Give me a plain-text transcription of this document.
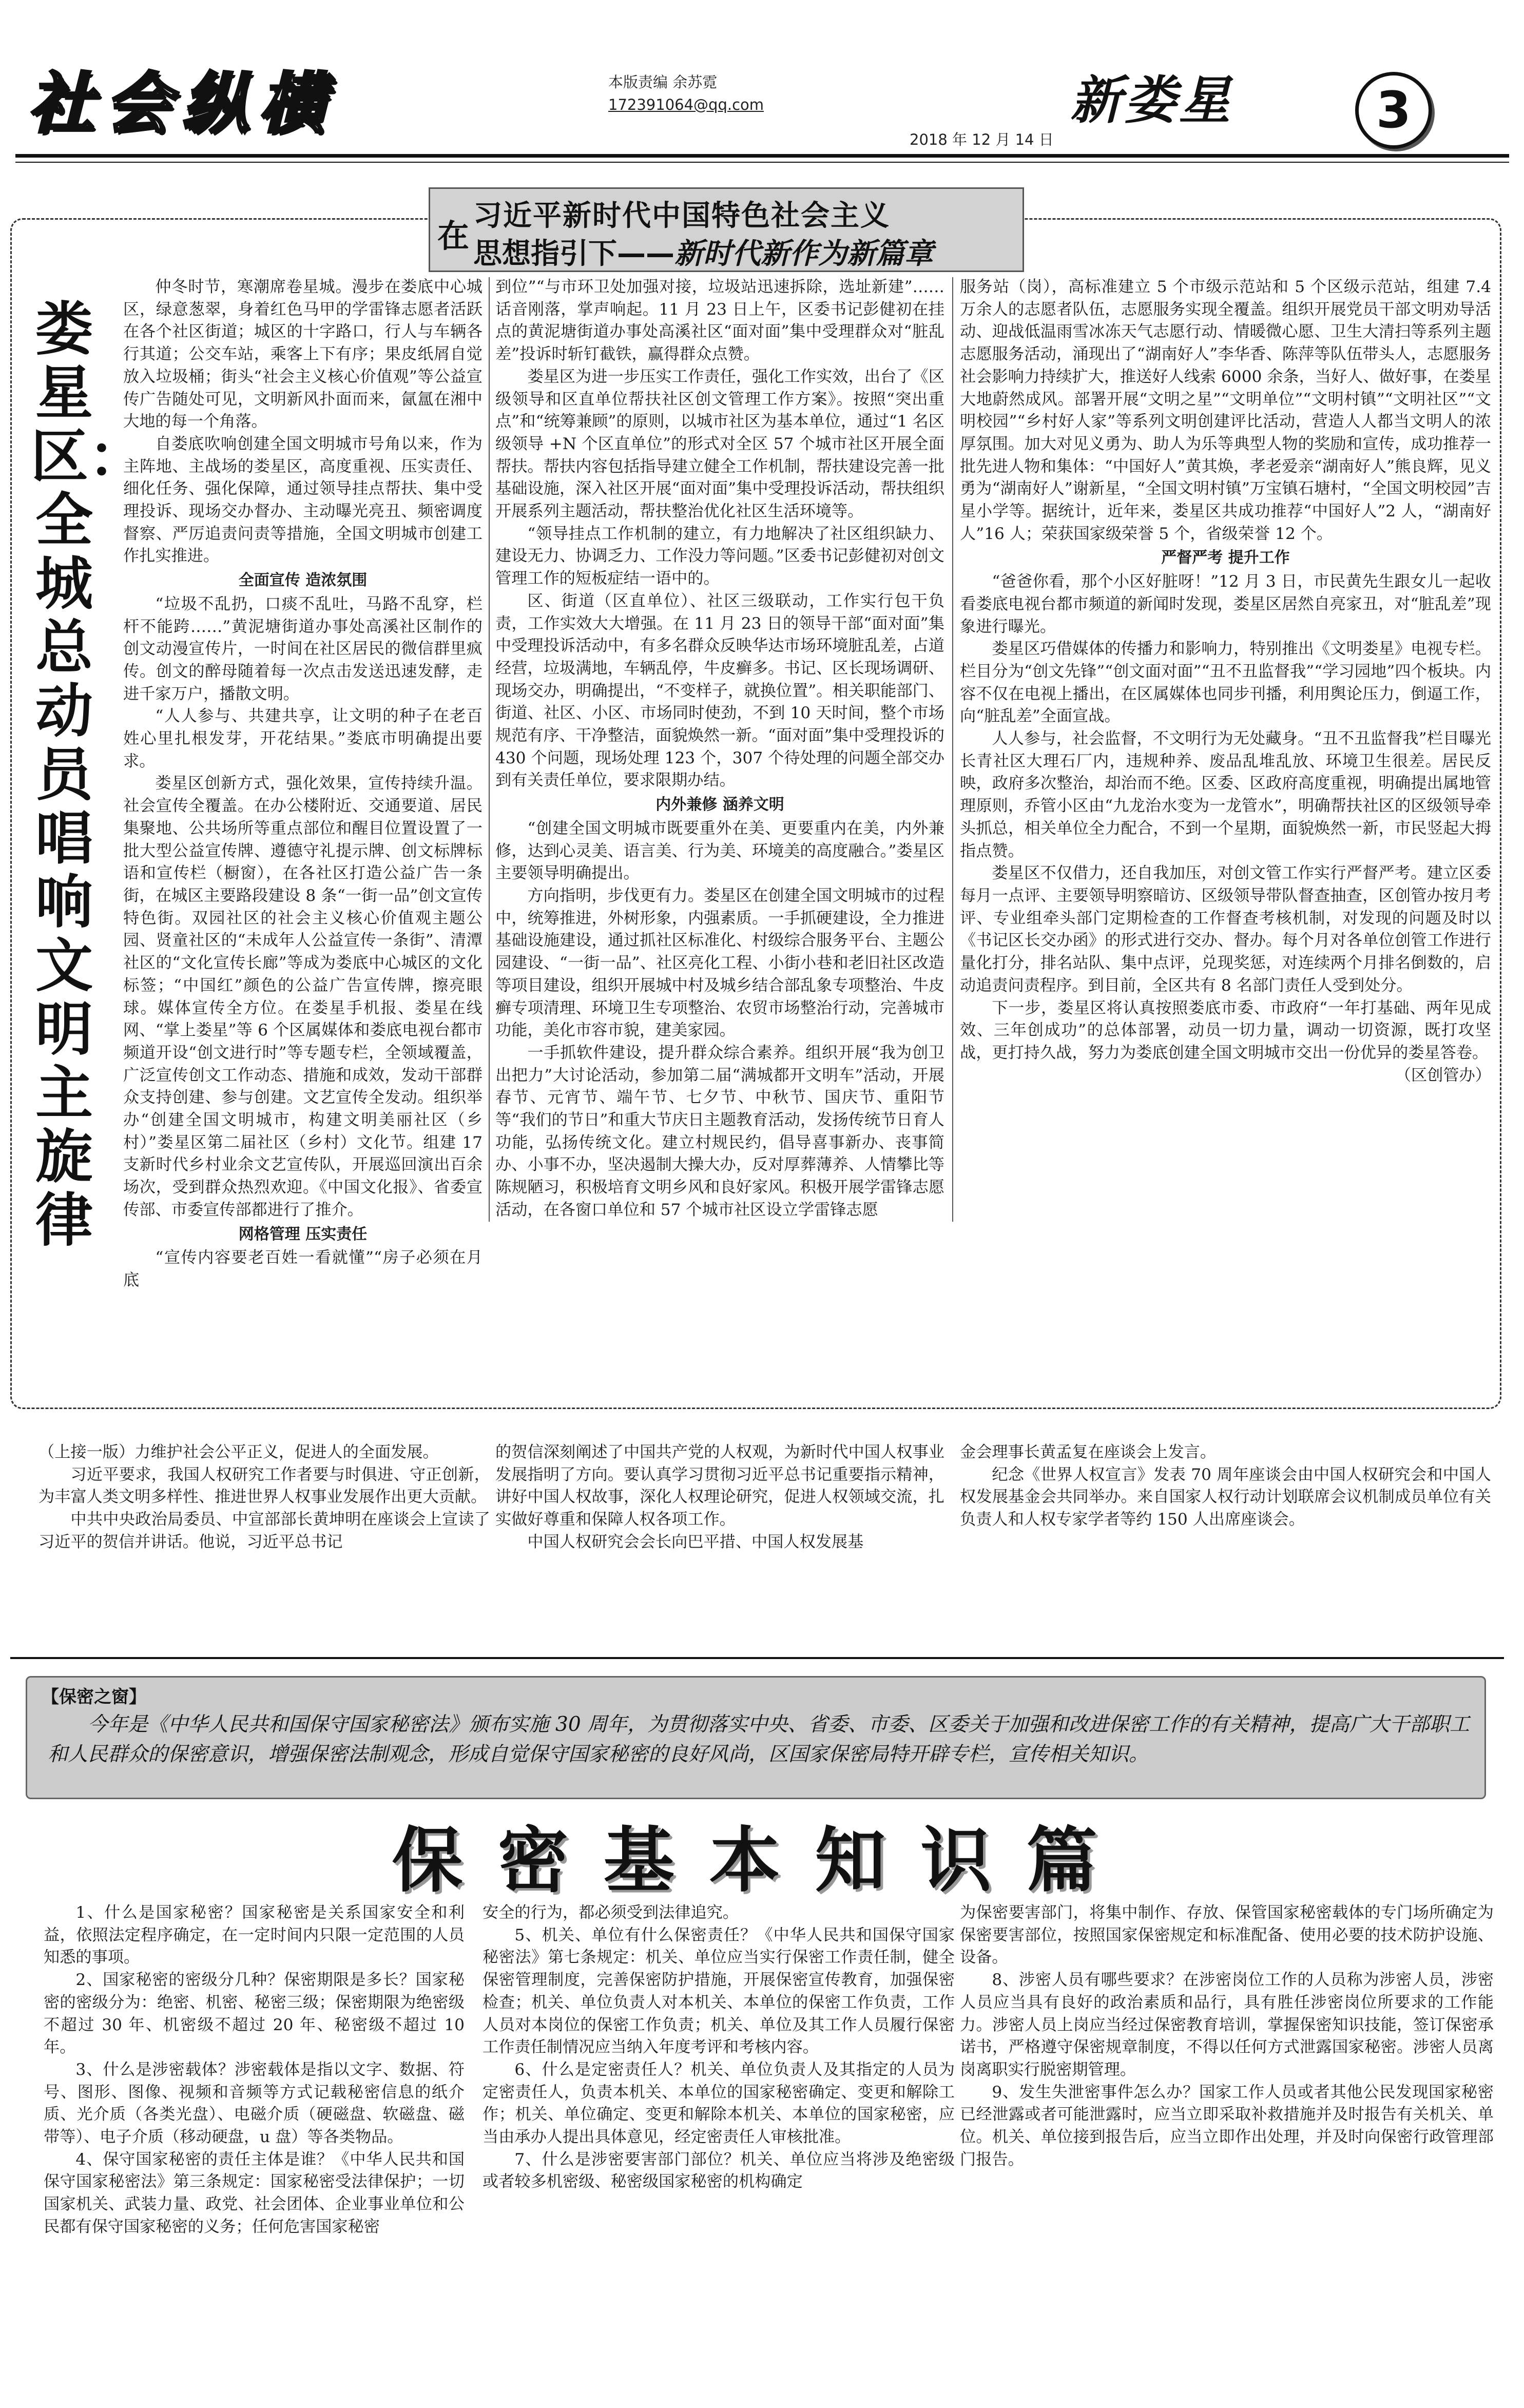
社会纵横	本版责编 余苏霓
172391064@qq.com
2018 年 12 月 14 日
新娄星	3
在
习近平新时代中国特色社会主义
思想指引下——新时代新作为新篇章
娄星区：全城总动员唱响文明主旋律

仲冬时节，寒潮席卷星城。漫步在娄底中心城区，绿意葱翠，身着红色马甲的学雷锋志愿者活跃在各个社区街道；城区的十字路口，行人与车辆各行其道；公交车站，乘客上下有序；果皮纸屑自觉放入垃圾桶；街头“社会主义核心价值观”等公益宣传广告随处可见，文明新风扑面而来，氤氲在湘中大地的每一个角落。

自娄底吹响创建全国文明城市号角以来，作为主阵地、主战场的娄星区，高度重视、压实责任、细化任务、强化保障，通过领导挂点帮扶、集中受理投诉、现场交办督办、主动曝光亮丑、频密调度督察、严厉追责问责等措施，全国文明城市创建工作扎实推进。

全面宣传 造浓氛围

“垃圾不乱扔，口痰不乱吐，马路不乱穿，栏杆不能跨……”黄泥塘街道办事处高溪社区制作的创文动漫宣传片，一时间在社区居民的微信群里疯传。创文的醉母随着每一次点击发送迅速发酵，走进千家万户，播散文明。

“人人参与、共建共享，让文明的种子在老百姓心里扎根发芽，开花结果。”娄底市明确提出要求。

娄星区创新方式，强化效果，宣传持续升温。社会宣传全覆盖。在办公楼附近、交通要道、居民集聚地、公共场所等重点部位和醒目位置设置了一批大型公益宣传牌、遵德守礼提示牌、创文标牌标语和宣传栏（橱窗），在各社区打造公益广告一条街，在城区主要路段建设 8 条“一街一品”创文宣传特色街。双园社区的社会主义核心价值观主题公园、贤童社区的“未成年人公益宣传一条街”、清潭社区的“文化宣传长廊”等成为娄底中心城区的文化标签；“中国红”颜色的公益广告宣传牌，擦亮眼球。媒体宣传全方位。在娄星手机报、娄星在线网、“掌上娄星”等 6 个区属媒体和娄底电视台都市频道开设“创文进行时”等专题专栏，全领域覆盖，广泛宣传创文工作动态、措施和成效，发动干部群众支持创建、参与创建。文艺宣传全发动。组织举办“创建全国文明城市，构建文明美丽社区（乡村）”娄星区第二届社区（乡村）文化节。组建 17 支新时代乡村业余文艺宣传队，开展巡回演出百余场次，受到群众热烈欢迎。《中国文化报》、省委宣传部、市委宣传部都进行了推介。

网格管理 压实责任

“宣传内容要老百姓一看就懂”“房子必须在月底

到位”“与市环卫处加强对接，垃圾站迅速拆除，选址新建”……话音刚落，掌声响起。11 月 23 日上午，区委书记彭健初在挂点的黄泥塘街道办事处高溪社区“面对面”集中受理群众对“脏乱差”投诉时斩钉截铁，赢得群众点赞。

娄星区为进一步压实工作责任，强化工作实效，出台了《区级领导和区直单位帮扶社区创文管理工作方案》。按照“突出重点”和“统筹兼顾”的原则，以城市社区为基本单位，通过“1 名区级领导 +N 个区直单位”的形式对全区 57 个城市社区开展全面帮扶。帮扶内容包括指导建立健全工作机制，帮扶建设完善一批基础设施，深入社区开展“面对面”集中受理投诉活动，帮扶组织开展系列主题活动，帮扶整治优化社区生活环境等。

“领导挂点工作机制的建立，有力地解决了社区组织缺力、建设无力、协调乏力、工作没力等问题。”区委书记彭健初对创文管理工作的短板症结一语中的。

区、街道（区直单位）、社区三级联动，工作实行包干负责，工作实效大大增强。在 11 月 23 日的领导干部“面对面”集中受理投诉活动中，有多名群众反映华达市场环境脏乱差，占道经营，垃圾满地，车辆乱停，牛皮癣多。书记、区长现场调研、现场交办，明确提出，“不变样子，就换位置”。相关职能部门、街道、社区、小区、市场同时使劲，不到 10 天时间，整个市场规范有序、干净整洁，面貌焕然一新。“面对面”集中受理投诉的 430 个问题，现场处理 123 个，307 个待处理的问题全部交办到有关责任单位，要求限期办结。

内外兼修 涵养文明

“创建全国文明城市既要重外在美、更要重内在美，内外兼修，达到心灵美、语言美、行为美、环境美的高度融合。”娄星区主要领导明确提出。

方向指明，步伐更有力。娄星区在创建全国文明城市的过程中，统筹推进，外树形象，内强素质。一手抓硬建设，全力推进基础设施建设，通过抓社区标准化、村级综合服务平台、主题公园建设、“一街一品”、社区亮化工程、小街小巷和老旧社区改造等项目建设，组织开展城中村及城乡结合部乱象专项整治、牛皮癣专项清理、环境卫生专项整治、农贸市场整治行动，完善城市功能，美化市容市貌，建美家园。

一手抓软件建设，提升群众综合素养。组织开展“我为创卫出把力”大讨论活动，参加第二届“满城都开文明车”活动，开展春节、元宵节、端午节、七夕节、中秋节、国庆节、重阳节等“我们的节日”和重大节庆日主题教育活动，发扬传统节日育人功能，弘扬传统文化。建立村规民约，倡导喜事新办、丧事简办、小事不办，坚决遏制大操大办，反对厚葬薄养、人情攀比等陈规陋习，积极培育文明乡风和良好家风。积极开展学雷锋志愿活动，在各窗口单位和 57 个城市社区设立学雷锋志愿

服务站（岗），高标准建立 5 个市级示范站和 5 个区级示范站，组建 7.4 万余人的志愿者队伍，志愿服务实现全覆盖。组织开展党员干部文明劝导活动、迎战低温雨雪冰冻天气志愿行动、情暖微心愿、卫生大清扫等系列主题志愿服务活动，涌现出了“湖南好人”李华香、陈萍等队伍带头人，志愿服务社会影响力持续扩大，推送好人线索 6000 余条，当好人、做好事，在娄星大地蔚然成风。部署开展“文明之星”“文明单位”“文明村镇”“文明社区”“文明校园”“乡村好人家”等系列文明创建评比活动，营造人人都当文明人的浓厚氛围。加大对见义勇为、助人为乐等典型人物的奖励和宣传，成功推荐一批先进人物和集体：“中国好人”黄其焕，孝老爱亲“湖南好人”熊良辉，见义勇为“湖南好人”谢新星，“全国文明村镇”万宝镇石塘村，“全国文明校园”吉星小学等。据统计，近年来，娄星区共成功推荐“中国好人”2 人，“湖南好人”16 人；荣获国家级荣誉 5 个，省级荣誉 12 个。

严督严考 提升工作

“爸爸你看，那个小区好脏呀！”12 月 3 日，市民黄先生跟女儿一起收看娄底电视台都市频道的新闻时发现，娄星区居然自亮家丑，对“脏乱差”现象进行曝光。

娄星区巧借媒体的传播力和影响力，特别推出《文明娄星》电视专栏。栏目分为“创文先锋”“创文面对面”“丑不丑监督我”“学习园地”四个板块。内容不仅在电视上播出，在区属媒体也同步刊播，利用舆论压力，倒逼工作，向“脏乱差”全面宣战。

人人参与，社会监督，不文明行为无处藏身。“丑不丑监督我”栏目曝光长青社区大理石厂内，违规种养、废品乱堆乱放、环境卫生很差。居民反映，政府多次整治，却治而不绝。区委、区政府高度重视，明确提出属地管理原则，乔管小区由“九龙治水变为一龙管水”，明确帮扶社区的区级领导牵头抓总，相关单位全力配合，不到一个星期，面貌焕然一新，市民竖起大拇指点赞。

娄星区不仅借力，还自我加压，对创文管工作实行严督严考。建立区委每月一点评、主要领导明察暗访、区级领导带队督查抽查，区创管办按月考评、专业组牵头部门定期检查的工作督查考核机制，对发现的问题及时以《书记区长交办函》的形式进行交办、督办。每个月对各单位创管工作进行量化打分，排名站队、集中点评，兑现奖惩，对连续两个月排名倒数的，启动追责问责程序。到目前，全区共有 8 名部门责任人受到处分。

下一步，娄星区将认真按照娄底市委、市政府“一年打基础、两年见成效、三年创成功”的总体部署，动员一切力量，调动一切资源，既打攻坚战，更打持久战，努力为娄底创建全国文明城市交出一份优异的娄星答卷。

（区创管办）

（上接一版）力维护社会公平正义，促进人的全面发展。

习近平要求，我国人权研究工作者要与时俱进、守正创新，为丰富人类文明多样性、推进世界人权事业发展作出更大贡献。

中共中央政治局委员、中宣部部长黄坤明在座谈会上宣读了习近平的贺信并讲话。他说，习近平总书记

的贺信深刻阐述了中国共产党的人权观，为新时代中国人权事业发展指明了方向。要认真学习贯彻习近平总书记重要指示精神，讲好中国人权故事，深化人权理论研究，促进人权领域交流，扎实做好尊重和保障人权各项工作。

中国人权研究会会长向巴平措、中国人权发展基

金会理事长黄孟复在座谈会上发言。

纪念《世界人权宣言》发表 70 周年座谈会由中国人权研究会和中国人权发展基金会共同举办。来自国家人权行动计划联席会议机制成员单位有关负责人和人权专家学者等约 150 人出席座谈会。

【保密之窗】

今年是《中华人民共和国保守国家秘密法》颁布实施 30 周年，为贯彻落实中央、省委、市委、区委关于加强和改进保密工作的有关精神，提高广大干部职工和人民群众的保密意识，增强保密法制观念，形成自觉保守国家秘密的良好风尚，区国家保密局特开辟专栏，宣传相关知识。

保密基本知识篇

1、什么是国家秘密？国家秘密是关系国家安全和利益，依照法定程序确定，在一定时间内只限一定范围的人员知悉的事项。

2、国家秘密的密级分几种？保密期限是多长？国家秘密的密级分为：绝密、机密、秘密三级；保密期限为绝密级不超过 30 年、机密级不超过 20 年、秘密级不超过 10 年。

3、什么是涉密载体？涉密载体是指以文字、数据、符号、图形、图像、视频和音频等方式记载秘密信息的纸介质、光介质（各类光盘）、电磁介质（硬磁盘、软磁盘、磁带等）、电子介质（移动硬盘，u 盘）等各类物品。

4、保守国家秘密的责任主体是谁？《中华人民共和国保守国家秘密法》第三条规定：国家秘密受法律保护；一切国家机关、武装力量、政党、社会团体、企业事业单位和公民都有保守国家秘密的义务；任何危害国家秘密

安全的行为，都必须受到法律追究。

5、机关、单位有什么保密责任？《中华人民共和国保守国家秘密法》第七条规定：机关、单位应当实行保密工作责任制，健全保密管理制度，完善保密防护措施，开展保密宣传教育，加强保密检查；机关、单位负责人对本机关、本单位的保密工作负责，工作人员对本岗位的保密工作负责；机关、单位及其工作人员履行保密工作责任制情况应当纳入年度考评和考核内容。

6、什么是定密责任人？机关、单位负责人及其指定的人员为定密责任人，负责本机关、本单位的国家秘密确定、变更和解除工作；机关、单位确定、变更和解除本机关、本单位的国家秘密，应当由承办人提出具体意见，经定密责任人审核批准。

7、什么是涉密要害部门部位？机关、单位应当将涉及绝密级或者较多机密级、秘密级国家秘密的机构确定

为保密要害部门，将集中制作、存放、保管国家秘密载体的专门场所确定为保密要害部位，按照国家保密规定和标准配备、使用必要的技术防护设施、设备。

8、涉密人员有哪些要求？在涉密岗位工作的人员称为涉密人员，涉密人员应当具有良好的政治素质和品行，具有胜任涉密岗位所要求的工作能力。涉密人员上岗应当经过保密教育培训，掌握保密知识技能，签订保密承诺书，严格遵守保密规章制度，不得以任何方式泄露国家秘密。涉密人员离岗离职实行脱密期管理。

9、发生失泄密事件怎么办？国家工作人员或者其他公民发现国家秘密已经泄露或者可能泄露时，应当立即采取补救措施并及时报告有关机关、单位。机关、单位接到报告后，应当立即作出处理，并及时向保密行政管理部门报告。
